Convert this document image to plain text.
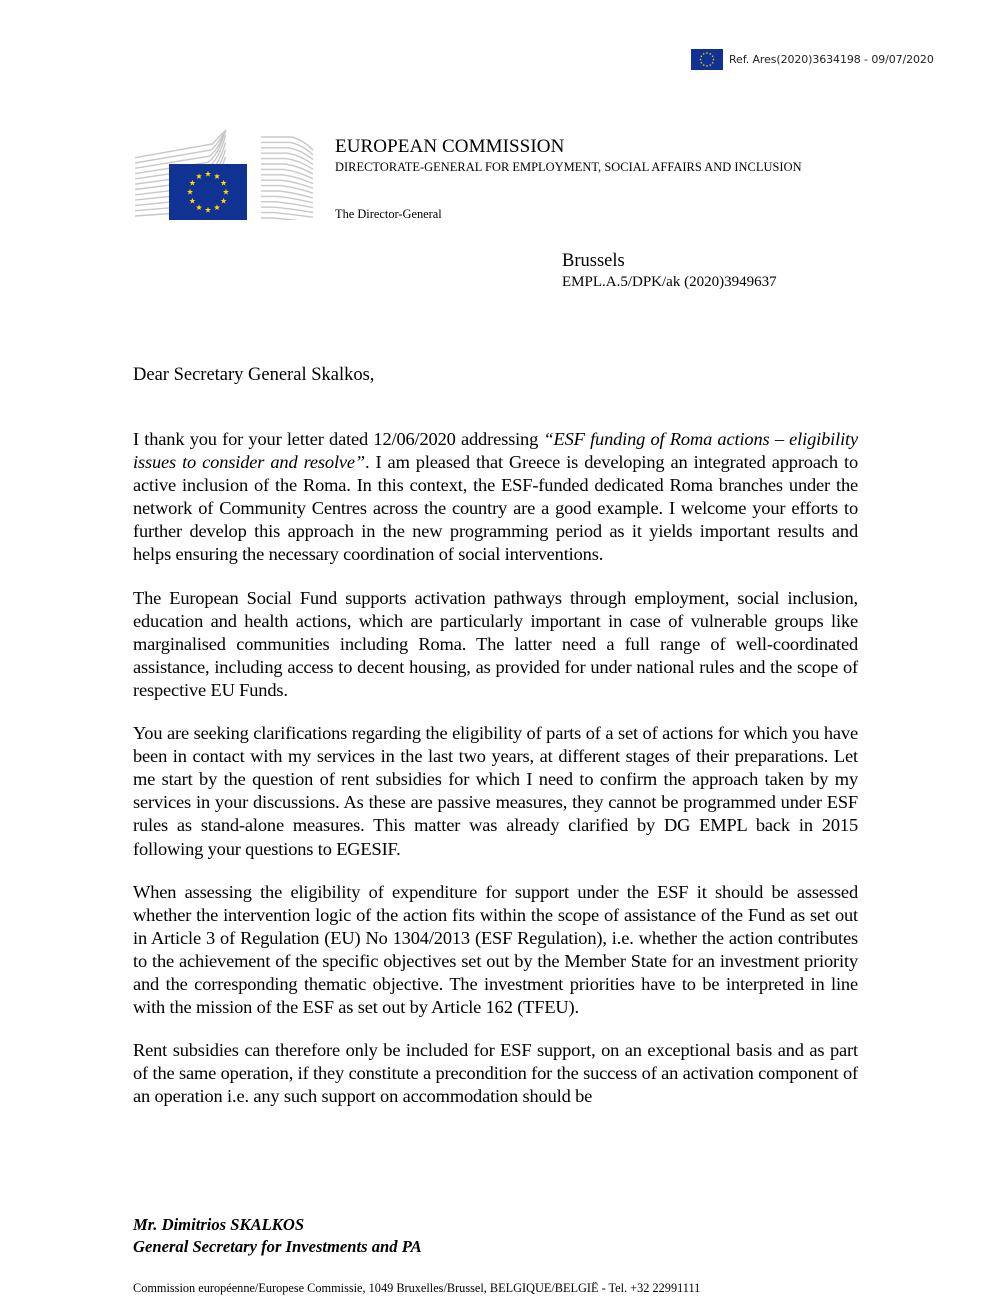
Ref. Ares(2020)3634198 - 09/07/2020
EUROPEAN COMMISSION
DIRECTORATE-GENERAL FOR EMPLOYMENT, SOCIAL AFFAIRS AND INCLUSION
The Director-General
Brussels
EMPL.A.5/DPK/ak (2020)3949637
Dear Secretary General Skalkos,

I thank you for your letter dated 12/06/2020 addressing “ESF funding of Roma actions – eligibility issues to consider and resolve”. I am pleased that Greece is developing an integrated approach to active inclusion of the Roma. In this context, the ESF-funded dedicated Roma branches under the network of Community Centres across the country are a good example. I welcome your efforts to further develop this approach in the new programming period as it yields important results and helps ensuring the necessary coordination of social interventions.

The European Social Fund supports activation pathways through employment, social inclusion, education and health actions, which are particularly important in case of vulnerable groups like marginalised communities including Roma. The latter need a full range of well-coordinated assistance, including access to decent housing, as provided for under national rules and the scope of respective EU Funds.

You are seeking clarifications regarding the eligibility of parts of a set of actions for which you have been in contact with my services in the last two years, at different stages of their preparations. Let me start by the question of rent subsidies for which I need to confirm the approach taken by my services in your discussions. As these are passive measures, they cannot be programmed under ESF rules as stand-alone measures. This matter was already clarified by DG EMPL back in 2015 following your questions to EGESIF.

When assessing the eligibility of expenditure for support under the ESF it should be assessed whether the intervention logic of the action fits within the scope of assistance of the Fund as set out in Article 3 of Regulation (EU) No 1304/2013 (ESF Regulation), i.e. whether the action contributes to the achievement of the specific objectives set out by the Member State for an investment priority and the corresponding thematic objective. The investment priorities have to be interpreted in line with the mission of the ESF as set out by Article 162 (TFEU).

Rent subsidies can therefore only be included for ESF support, on an exceptional basis and as part of the same operation, if they constitute a precondition for the success of an activation component of an operation i.e. any such support on accommodation should be

Mr. Dimitrios SKALKOS
General Secretary for Investments and PA
Commission européenne/Europese Commissie, 1049 Bruxelles/Brussel, BELGIQUE/BELGIË - Tel. +32 22991111
